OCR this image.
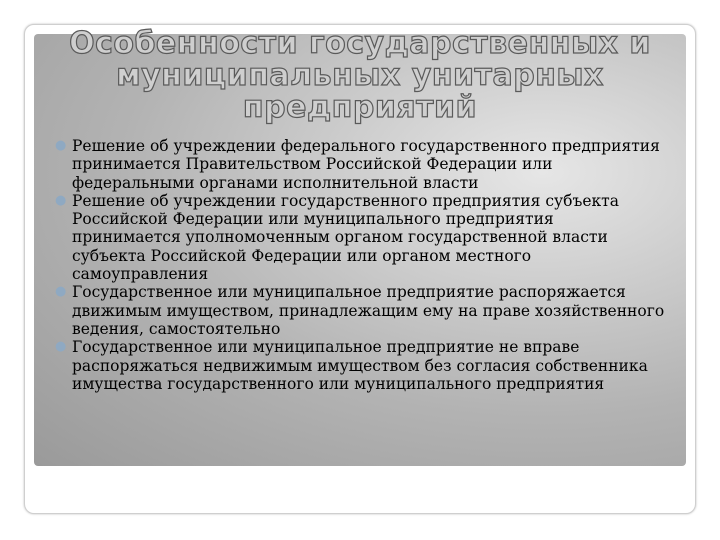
Особенности государственных и муниципальных унитарных предприятий
● Решение об учреждении федерального государственного предприятия принимается Правительством Российской Федерации или федеральными органами исполнительной власти
● Решение об учреждении государственного предприятия субъекта Российской Федерации или муниципального предприятия принимается уполномоченным органом государственной власти субъекта Российской Федерации или органом местного самоуправления
● Государственное или муниципальное предприятие распоряжается движимым имуществом, принадлежащим ему на праве хозяйственного ведения, самостоятельно
● Государственное или муниципальное предприятие не вправе распоряжаться недвижимым имуществом без согласия собственника имущества государственного или муниципального предприятия
